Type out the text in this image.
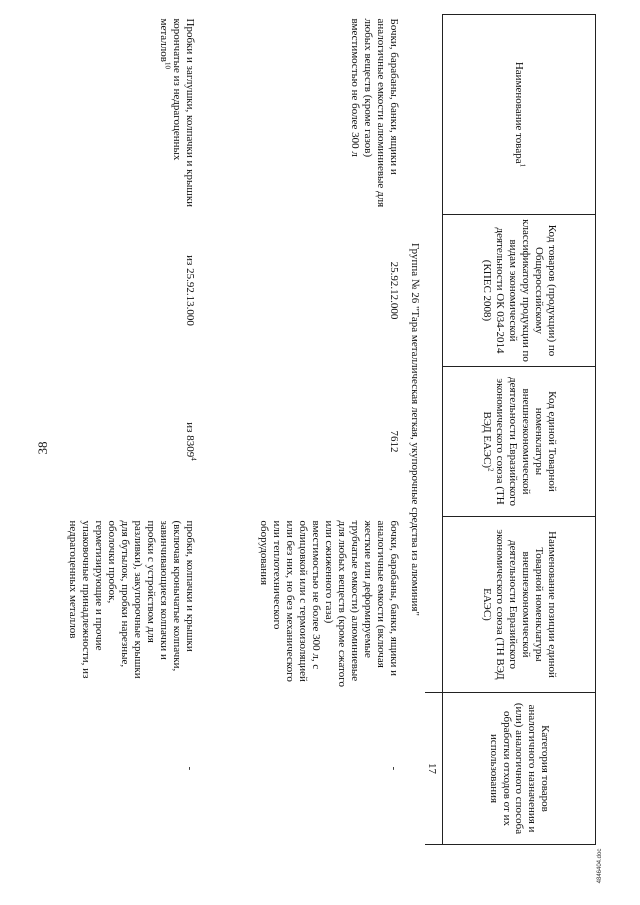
38
4846404.doc
Наименование товара$^1$	Код товаров (продукции) по Общероссийскому классификатору продукции по видам экономической деятельности ОК 034-2014 (КПЕС 2008)	Код единой Товарной номенклатуры внешнеэкономической деятельности Евразийского экономического союза (ТН ВЭД ЕАЭС)$^2$	Наименование позиции единой Товарной номенклатуры внешнеэкономической деятельности Евразийского экономического союза (ТН ВЭД ЕАЭС)	Категория товаров аналогичного назначения и (или) аналогичного способа обработки отходов от их использования
				17
Группа № 26 "Тара металлическая легкая, укупорочные средства из алюминия"				
Бочки, барабаны, банки, ящики и аналогичные емкости алюминиевые для любых веществ (кроме газов) вместимостью не более 300 л	25.92.12.000	7612	бочки, барабаны, банки, ящики и аналогичные емкости (включая жесткие или деформируемые трубчатые емкости) алюминиевые для любых веществ (кроме сжатого или сжиженного газа) вместимостью не более 300 л, с облицовкой или с термоизоляцией или без них, но без механического или теплотехнического оборудования	-
Пробки и заглушки, колпачки и крышки корончатые из недрагоценных металлов$^{10}$	из 25.92.13.000	из 8309$^4$	пробки, колпачки и крышки (включая кронычатые колпачки, завинчивающиеся колпачки и пробки с устройством для разливки), закупорочные крышки для бутылок, пробки нарезные, оболочки пробок, герметизирующие и прочие упаковочные принадлежности, из недрагоценных металлов	-
